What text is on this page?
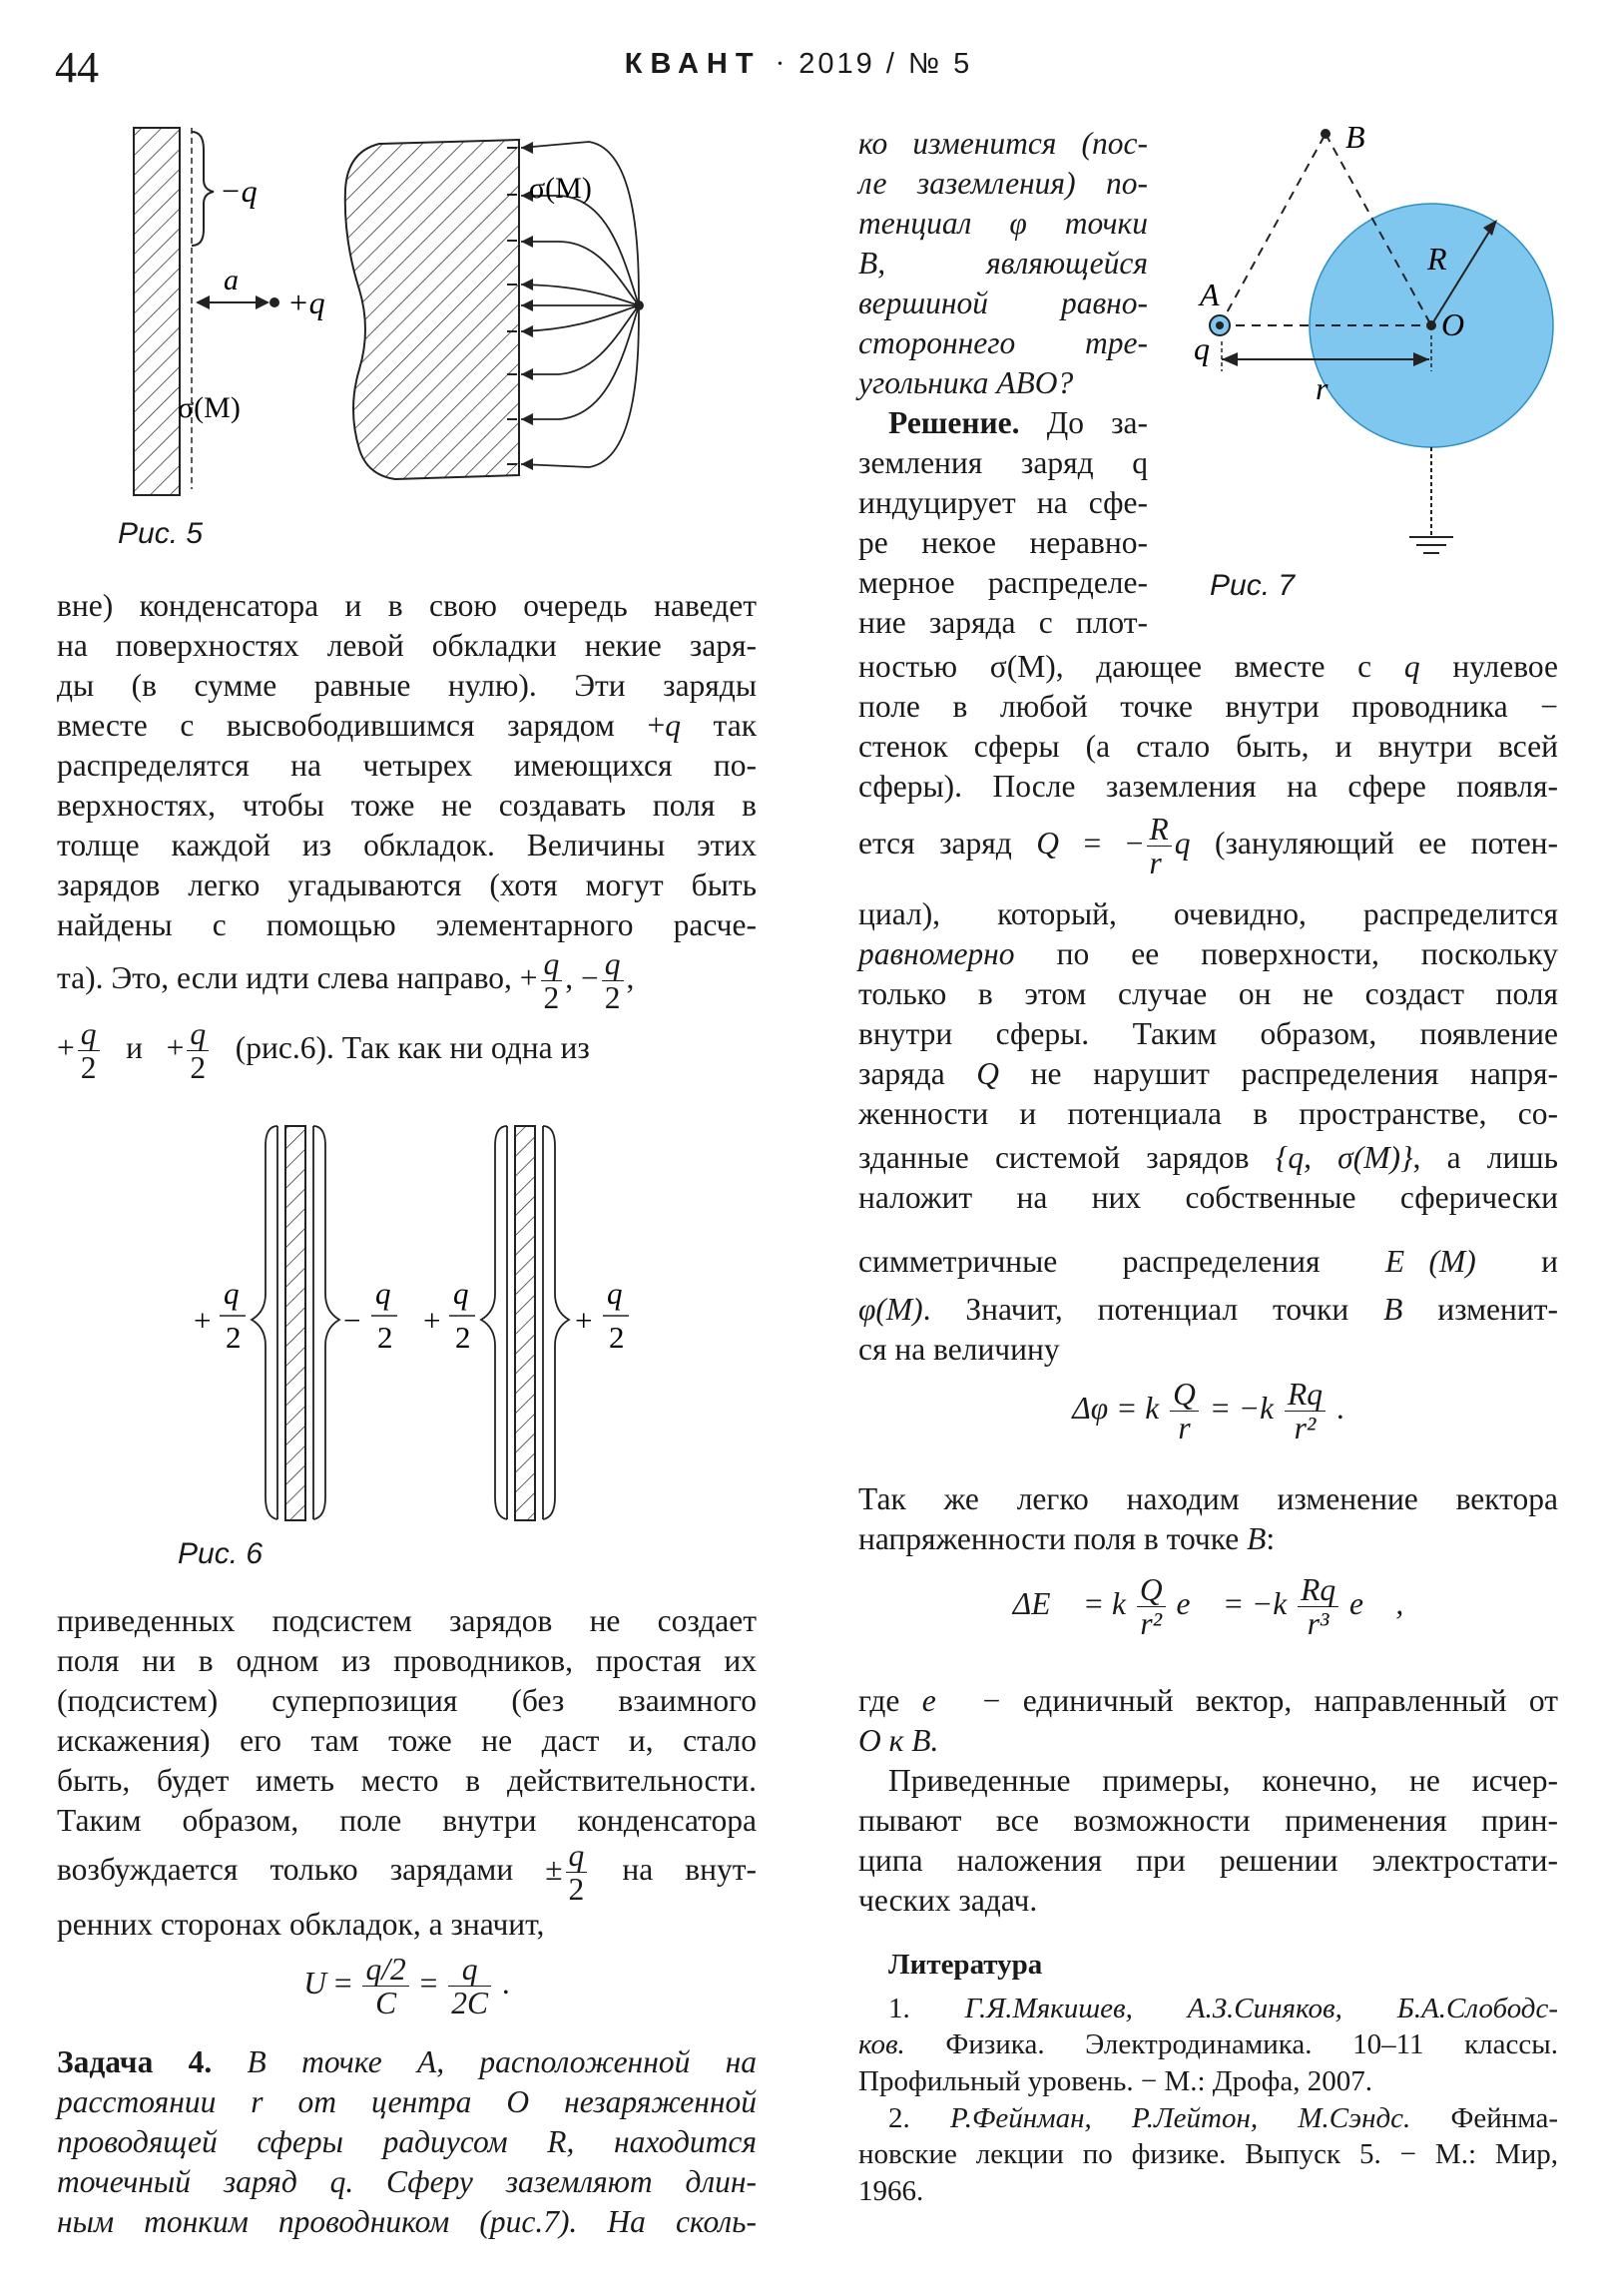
44	КВАНТ · 2019 / № 5
−q
a
+q
σ(M)
σ(M)
Рис. 5
вне) конденсатора и в свою очередь наведет
на поверхностях левой обкладки некие заря-
ды (в сумме равные нулю). Эти заряды
вместе с высвободившимся зарядом +q так
распределятся на четырех имеющихся по-
верхностях, чтобы тоже не создавать поля в
толще каждой из обкладок. Величины этих
зарядов легко угадываются (хотя могут быть
найдены с помощью элементарного расче-
та). Это, если идти слева направо, + $\frac{q}{2}$ , − $\frac{q}{2}$ ,
+ $\frac{q}{2}$ $и + \frac{q}{2} (рис.6)$. Так как ни одна из
+
q
2	−
q
2 +
q
2	+
q
2
Рис. 6
приведенных подсистем зарядов не создает
поля ни в одном из проводников, простая их
(подсистем) суперпозиция (без взаимного
искажения) его там тоже не даст и, стало
быть, будет иметь место в действительности.
Таким образом, поле внутри конденсатора
возбуждается только зарядами ± $\frac{q}{2}$ на внут-
ренних сторонах обкладок, а значит,
$U = \frac{q/2}{C} = \frac{q}{2C}$ .
Задача 4. В точке A, расположенной на
расстоянии r от центра O незаряженной
проводящей сферы радиусом R, находится
точечный заряд q. Сферу заземляют длин-
ным тонким проводником (рис.7). На сколь-
B
R
A
O
q
r
Рис. 7
ко изменится (пос-
ле заземления) по-
тенциал φ точки
B, являющейся
вершиной равно-
стороннего тре-
угольника ABO?
Решение. До за-
земления заряд q
индуцирует на сфе-
ре некое неравно-
мерное распределе-
ние заряда с плот-
ностью σ(M), дающее вместе с q нулевое
поле в любой точке внутри проводника −
стенок сферы (а стало быть, и внутри всей
сферы). После заземления на сфере появля-
ется заряд Q = − $\frac{R}{r}$ q (зануляющий ее потен-
циал), который, очевидно, распределится
равномерно по ее поверхности, поскольку
только в этом случае он не создаст поля
внутри сферы. Таким образом, появление
заряда Q не нарушит распределения напря-
женности и потенциала в пространстве, со-
зданные системой зарядов {q, σ(M)}, а лишь
наложит на них собственные сферически
симметричные распределения E⃗(M) и
φ(M). Значит, потенциал точки B изменит-
ся на величину
Δφ = k $\frac{Q}{r} = -k \frac{Rq}{\text{r²}}$ .
Так же легко находим изменение вектора
напряженности поля в точке B:
ΔE⃗ = k $\frac{Q}{\text{r²}}$ e⃗ = $-k \frac{Rq}{\text{r³}}$ e⃗ ,
где e⃗ − единичный вектор, направленный от
O к B.
Приведенные примеры, конечно, не исчер-
пывают все возможности применения прин-
ципа наложения при решении электростати-
ческих задач.
Литература
1. Г.Я.Мякишев, А.З.Синяков, Б.А.Слободс-
ков. Физика. Электродинамика. 10–11 классы.
Профильный уровень. − М.: Дрофа, 2007.
2. Р.Фейнман, Р.Лейтон, М.Сэндс. Фейнма-
новские лекции по физике. Выпуск 5. − М.: Мир,
1966.
